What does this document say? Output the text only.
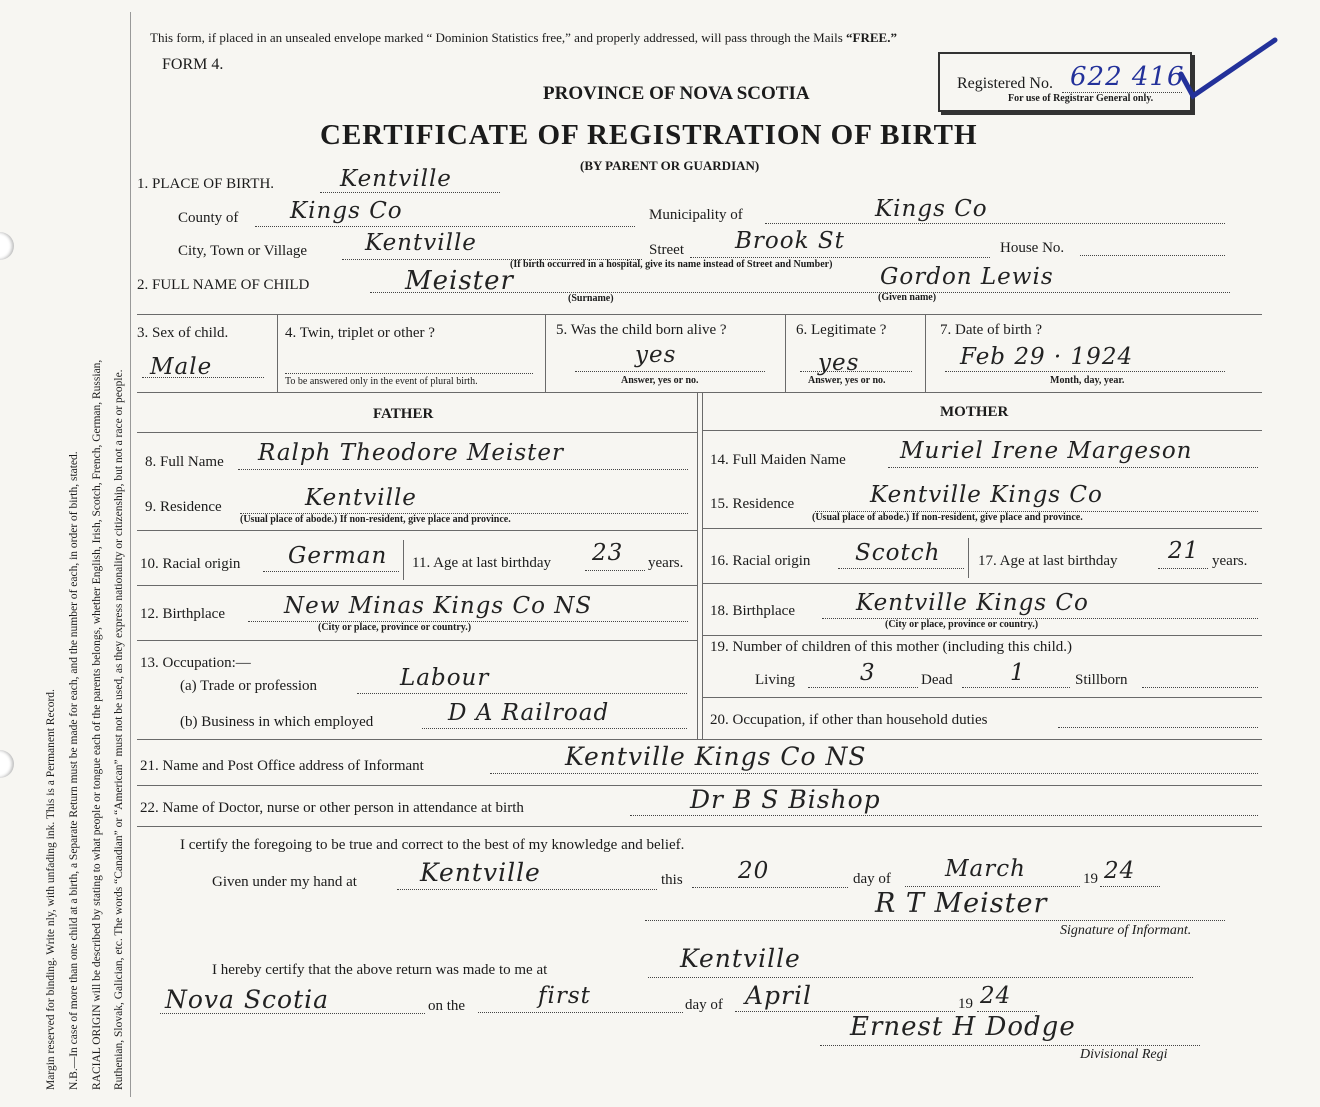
Margin reserved for binding. Write nly, with unfading ink. This is a Permanent Record. N.B.—In case of more than one child at a birth, a Separate Return must be made for each, and the number of each, in order of birth, stated. RACIAL ORIGIN will be described by stating to what people or tongue each of the parents belongs, whether English, Irish, Scotch, French, German, Russian, Ruthenian, Slovak, Galician, etc. The words “Canadian” or “American” must not be used, as they express nationality or citizenship, but not a race or people.
This form, if placed in an unsealed envelope marked “ Dominion Statistics free,” and properly addressed, will pass through the Mails “FREE.”
FORM 4.
PROVINCE OF NOVA SCOTIA
CERTIFICATE OF REGISTRATION OF BIRTH
(BY PARENT OR GUARDIAN)
Registered No. 622 416
For use of Registrar General only.
1. PLACE OF BIRTH.	Kentville
County of Kings Co	Municipality of	Kings Co
City, Town or Village	Kentville	Street Brook St	House No.
(If birth occurred in a hospital, give its name instead of Street and Number)
2. FULL NAME OF CHILD	Meister	Gordon Lewis
(Surname)	(Given name)
3. Sex of child.
Male
4. Twin, triplet or other ?
To be answered only in the event of plural birth.
5. Was the child born alive ?
yes
Answer, yes or no.
6. Legitimate ?
yes
Answer, yes or no.
7. Date of birth ?
Feb 29 · 1924
Month, day, year.
FATHER	MOTHER
8. Full Name Ralph Theodore Meister
9. Residence	Kentville
(Usual place of abode.) If non-resident, give place and province.
10. Racial origin German 11. Age at last birthday 23 years.
12. Birthplace	New Minas Kings Co NS
(City or place, province or country.)
13. Occupation:—
(a) Trade or profession	Labour
(b) Business in which employed	D A Railroad
14. Full Maiden Name Muriel Irene Margeson
15. Residence	Kentville Kings Co
(Usual place of abode.) If non-resident, give place and province.
16. Racial origin Scotch	17. Age at last birthday 21 years.
18. Birthplace	Kentville Kings Co
(City or place, province or country.)
19. Number of children of this mother (including this child.)
Living	3	Dead 1	Stillborn
20. Occupation, if other than household duties
21. Name and Post Office address of Informant	Kentville Kings Co NS
22. Name of Doctor, nurse or other person in attendance at birth	Dr B S Bishop
I certify the foregoing to be true and correct to the best of my knowledge and belief.
Given under my hand at	Kentville	this 20	day of March	19 24
R T Meister
Signature of Informant.
I hereby certify that the above return was made to me at	Kentville
Nova Scotia	on the	first	day of April	19 24
Ernest H Dodge
Divisional Regi
